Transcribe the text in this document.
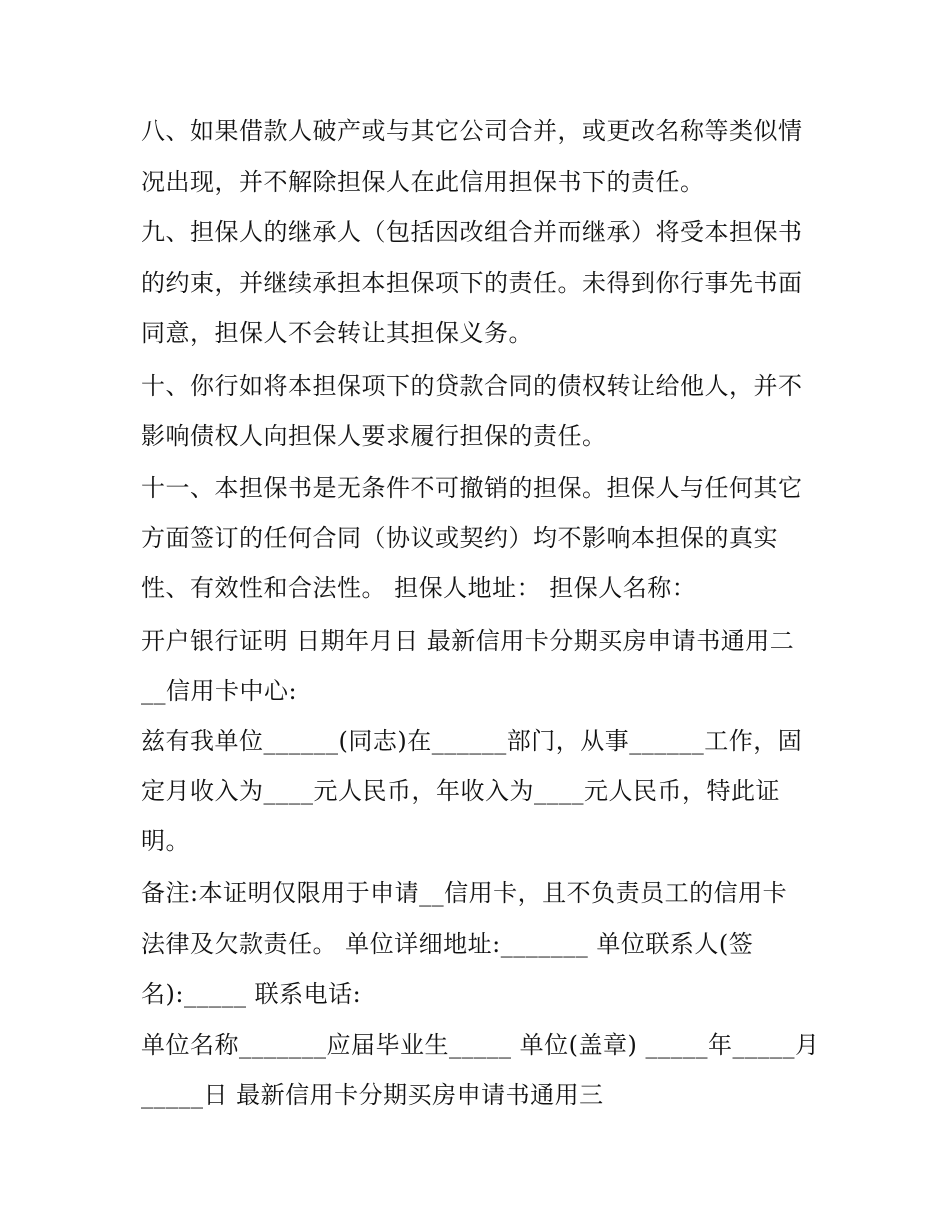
八、如果借款人破产或与其它公司合并，或更改名称等类似情

况出现，并不解除担保人在此信用担保书下的责任。

九、担保人的继承人（包括因改组合并而继承）将受本担保书

的约束，并继续承担本担保项下的责任。未得到你行事先书面

同意，担保人不会转让其担保义务。

十、你行如将本担保项下的贷款合同的债权转让给他人，并不

影响债权人向担保人要求履行担保的责任。

十一、本担保书是无条件不可撤销的担保。担保人与任何其它

方面签订的任何合同（协议或契约）均不影响本担保的真实

性、有效性和合法性。 担保人地址： 担保人名称：

开户银行证明 日期年月日 最新信用卡分期买房申请书通用二

__信用卡中心:

兹有我单位______(同志)在______部门，从事______工作，固

定月收入为____元人民币，年收入为____元人民币，特此证

明。

备注:本证明仅限用于申请__信用卡，且不负责员工的信用卡

法律及欠款责任。 单位详细地址:_______ 单位联系人(签

名):_____ 联系电话:

单位名称_______应届毕业生_____ 单位(盖章) _____年_____月

_____日 最新信用卡分期买房申请书通用三
